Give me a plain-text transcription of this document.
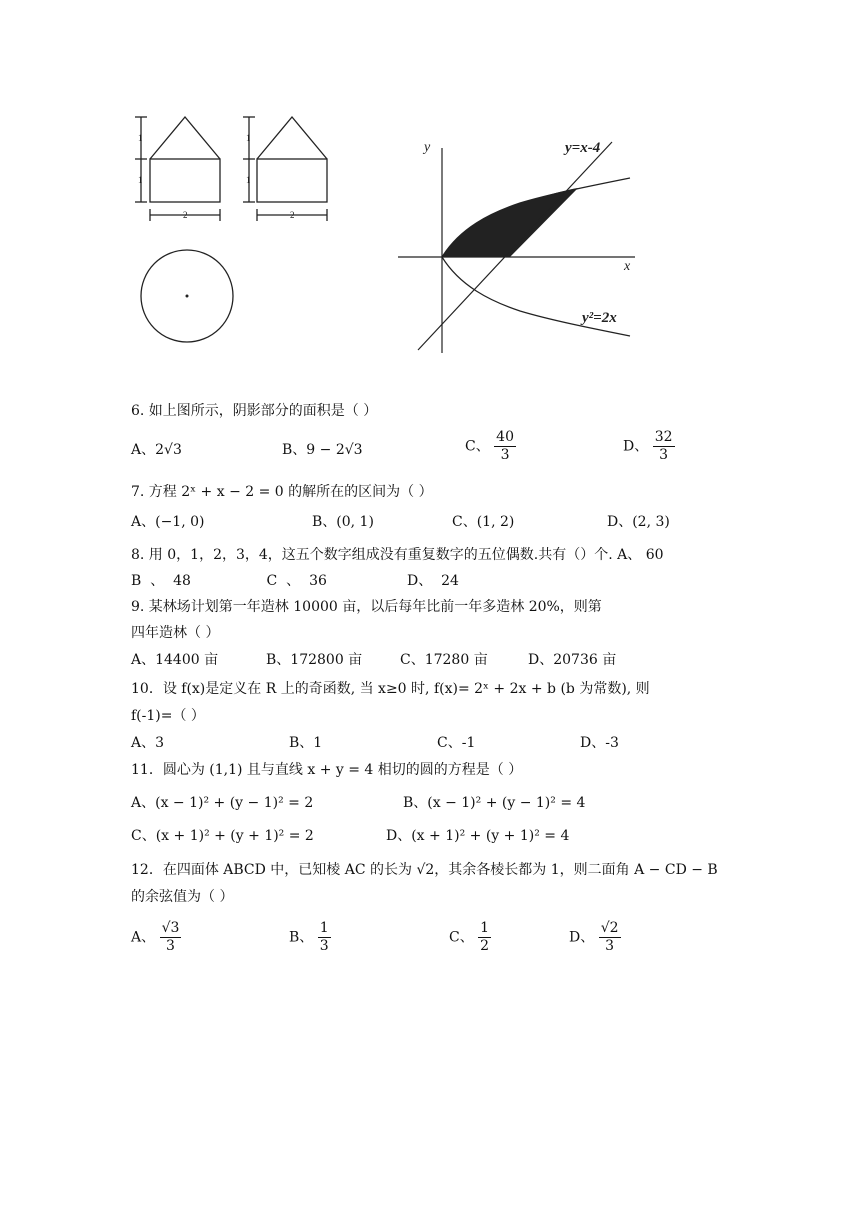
1
1
1
1
2	2
y
x
y=x-4
y²=2x
6. 如上图所示，阴影部分的面积是（ ）
A、2√3	B、9 − 2√3	C、 $\frac{40}{3}$	D、 $\frac{32}{3}$
7. 方程 2ˣ + x − 2 = 0 的解所在的区间为（ ）
A、(−1, 0)	B、(0, 1)	C、(1, 2)	D、(2, 3)
8. 用 0，1，2，3，4，这五个数字组成没有重复数字的五位偶数.共有（）个. A、 60
B  、  48                 C  、  36                  D、  24
9. 某林场计划第一年造林 10000 亩，以后每年比前一年多造林 20%，则第
四年造林（ ）
A、14400 亩	B、172800 亩	C、17280 亩	D、20736 亩
10．设 f(x)是定义在 R 上的奇函数, 当 x≥0 时, f(x)= 2ˣ + 2x + b (b 为常数), 则
f(-1)=（ ）
A、3	B、1	C、-1	D、-3
11．圆心为 (1,1) 且与直线 x + y = 4 相切的圆的方程是（ ）
A、(x − 1)² + (y − 1)² = 2	B、(x − 1)² + (y − 1)² = 4
C、(x + 1)² + (y + 1)² = 2	D、(x + 1)² + (y + 1)² = 4
12．在四面体 ABCD 中，已知棱 AC 的长为 √2，其余各棱长都为 1，则二面角 A − CD − B
的余弦值为（ ）
A、 $\frac{√3}{3}$	B、 $\frac{1}{3}$	C、 $\frac{1}{2}$	D、 $\frac{√2}{3}$
